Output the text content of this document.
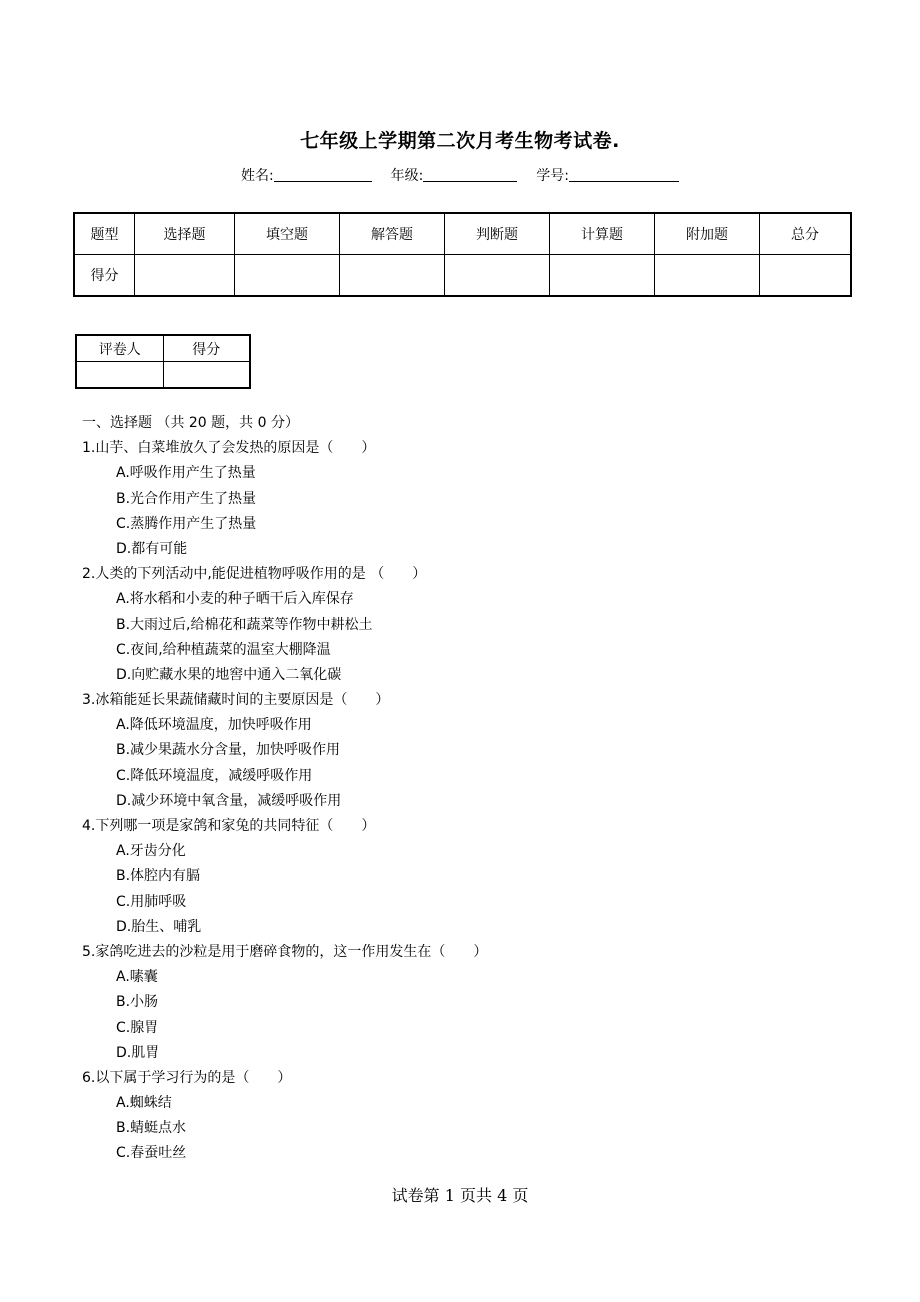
七年级上学期第二次月考生物考试卷.
姓名:	年级:	学号:
题型	选择题	填空题	解答题	判断题	计算题	附加题	总分
得分							
评卷人	得分

一、选择题 （共 20 题，共 0 分）
1.山芋、白菜堆放久了会发热的原因是（　　）
A.呼吸作用产生了热量
B.光合作用产生了热量
C.蒸腾作用产生了热量
D.都有可能
2.人类的下列活动中,能促进植物呼吸作用的是 （　　）
A.将水稻和小麦的种子晒干后入库保存
B.大雨过后,给棉花和蔬菜等作物中耕松土
C.夜间,给种植蔬菜的温室大棚降温
D.向贮藏水果的地窖中通入二氧化碳
3.冰箱能延长果蔬储藏时间的主要原因是（　　）
A.降低环境温度，加快呼吸作用
B.减少果蔬水分含量，加快呼吸作用
C.降低环境温度，减缓呼吸作用
D.减少环境中氧含量，减缓呼吸作用
4.下列哪一项是家鸽和家兔的共同特征（　　）
A.牙齿分化
B.体腔内有膈
C.用肺呼吸
D.胎生、哺乳
5.家鸽吃进去的沙粒是用于磨碎食物的，这一作用发生在（　　）
A.嗉囊
B.小肠
C.腺胃
D.肌胃
6.以下属于学习行为的是（　　）
A.蜘蛛结
B.蜻蜓点水
C.春蚕吐丝
试卷第 1 页共 4 页
